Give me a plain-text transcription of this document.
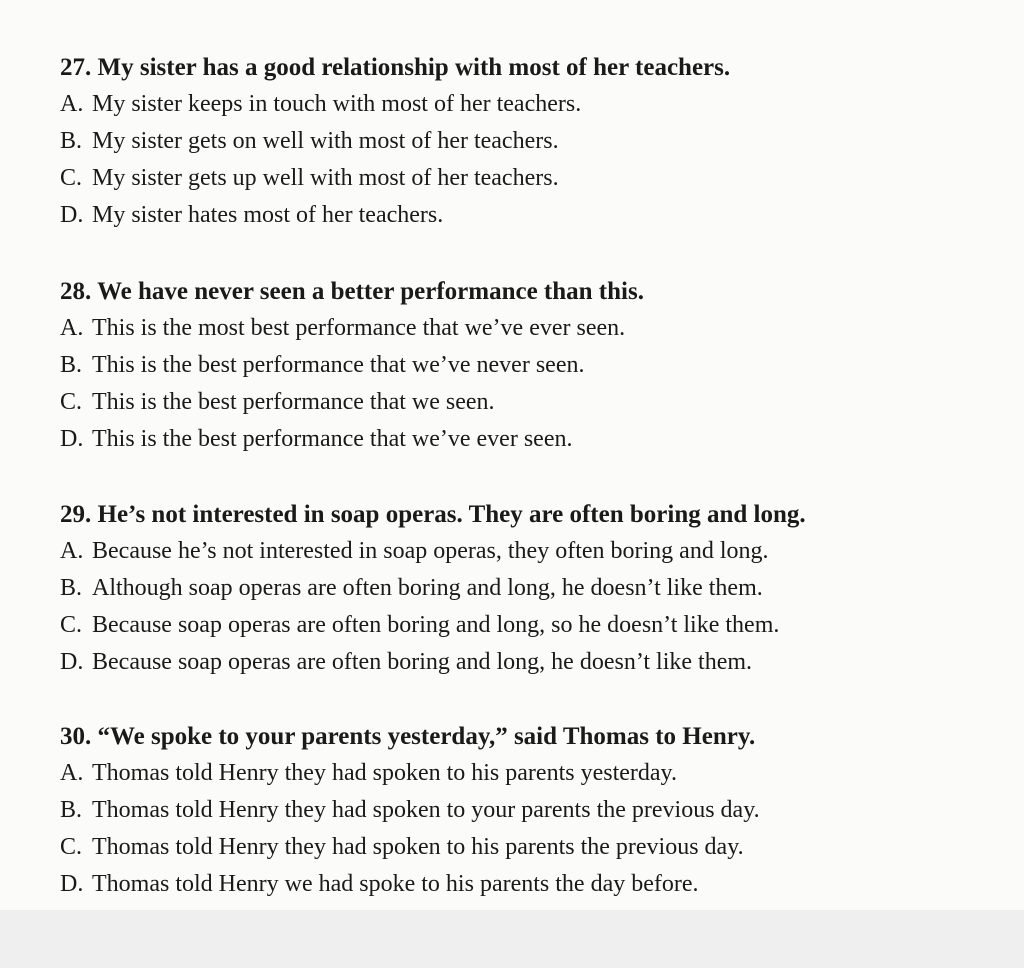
27. My sister has a good relationship with most of her teachers.
A. My sister keeps in touch with most of her teachers.
B. My sister gets on well with most of her teachers.
C. My sister gets up well with most of her teachers.
D. My sister hates most of her teachers.
28. We have never seen a better performance than this.
A. This is the most best performance that we’ve ever seen.
B. This is the best performance that we’ve never seen.
C. This is the best performance that we seen.
D. This is the best performance that we’ve ever seen.
29. He’s not interested in soap operas. They are often boring and long.
A. Because he’s not interested in soap operas, they often boring and long.
B. Although soap operas are often boring and long, he doesn’t like them.
C. Because soap operas are often boring and long, so he doesn’t like them.
D. Because soap operas are often boring and long, he doesn’t like them.
30. “We spoke to your parents yesterday,” said Thomas to Henry.
A. Thomas told Henry they had spoken to his parents yesterday.
B. Thomas told Henry they had spoken to your parents the previous day.
C. Thomas told Henry they had spoken to his parents the previous day.
D. Thomas told Henry we had spoke to his parents the day before.
